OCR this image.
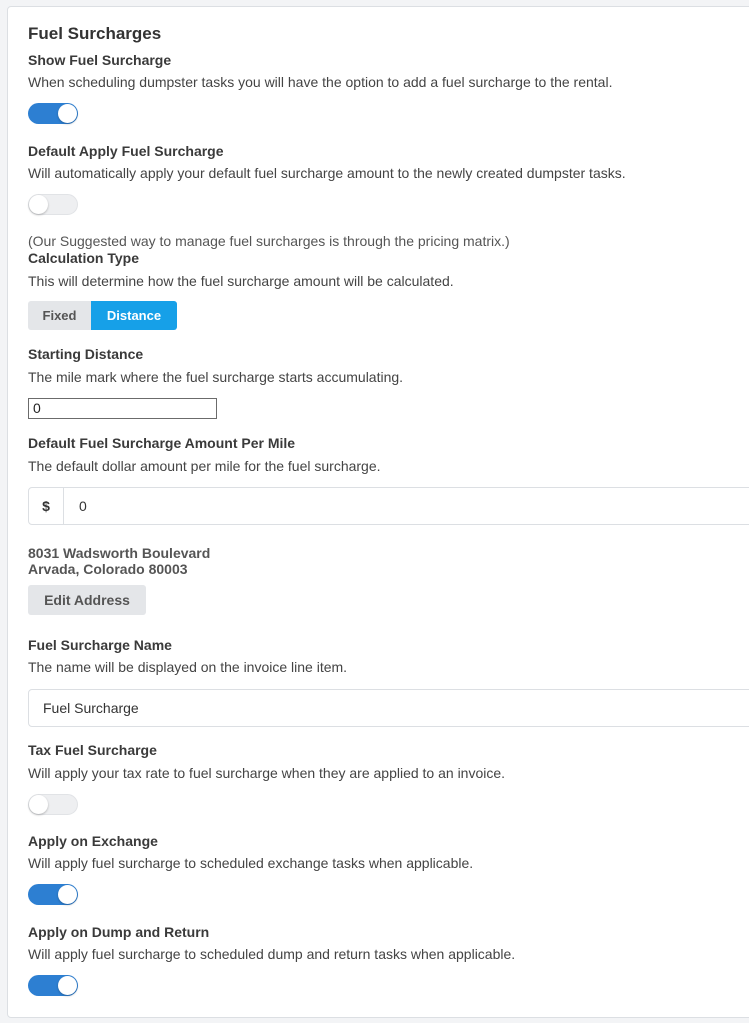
Fuel Surcharges
Show Fuel Surcharge
When scheduling dumpster tasks you will have the option to add a fuel surcharge to the rental.
Default Apply Fuel Surcharge
Will automatically apply your default fuel surcharge amount to the newly created dumpster tasks.
(Our Suggested way to manage fuel surcharges is through the pricing matrix.)
Calculation Type
This will determine how the fuel surcharge amount will be calculated.
Fixed	Distance
Starting Distance
The mile mark where the fuel surcharge starts accumulating.
0
Default Fuel Surcharge Amount Per Mile
The default dollar amount per mile for the fuel surcharge.
$	0
8031 Wadsworth Boulevard
Arvada, Colorado 80003
Edit Address
Fuel Surcharge Name
The name will be displayed on the invoice line item.
Fuel Surcharge
Tax Fuel Surcharge
Will apply your tax rate to fuel surcharge when they are applied to an invoice.
Apply on Exchange
Will apply fuel surcharge to scheduled exchange tasks when applicable.
Apply on Dump and Return
Will apply fuel surcharge to scheduled dump and return tasks when applicable.
